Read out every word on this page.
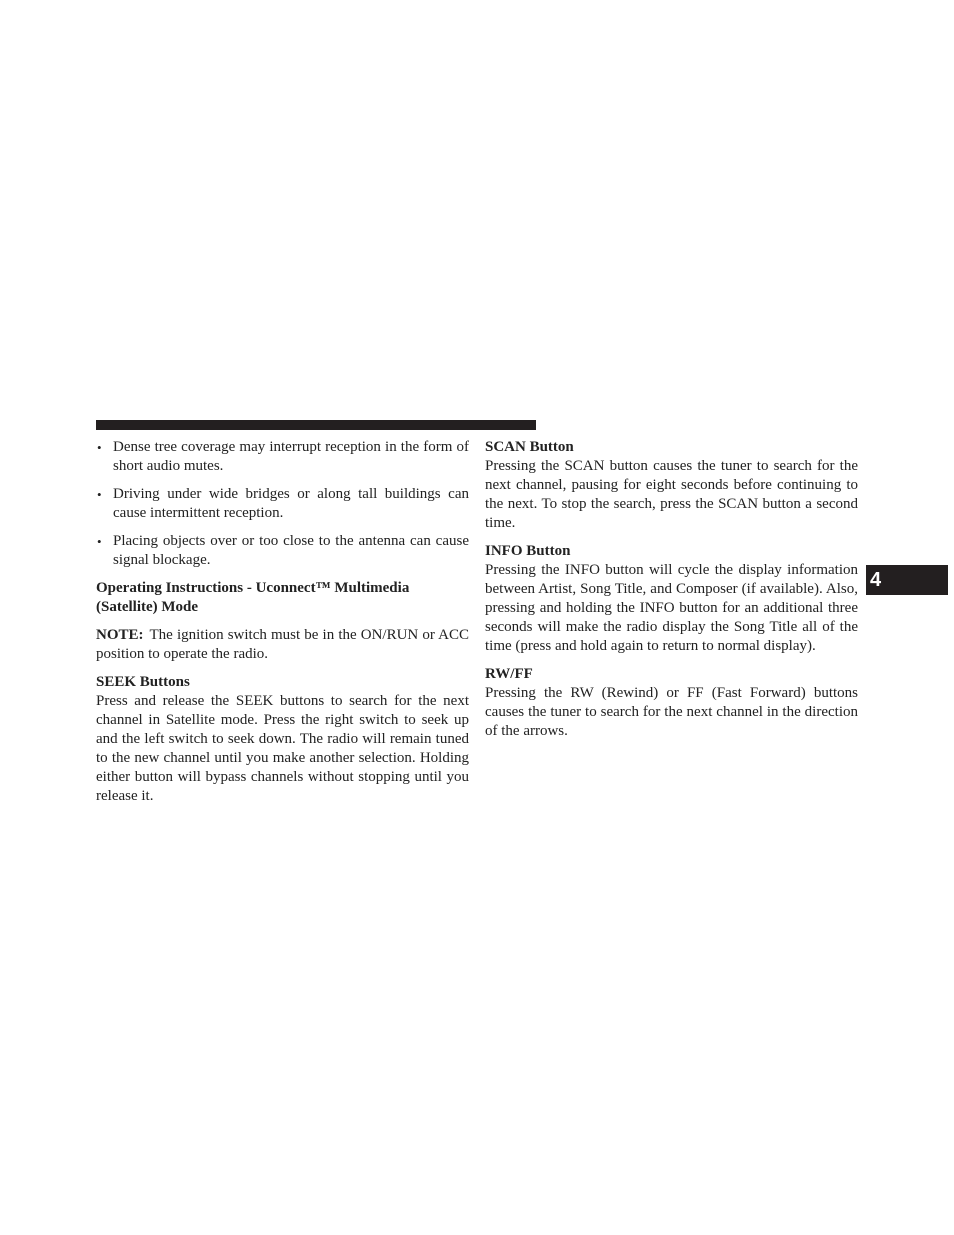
• Dense tree coverage may interrupt reception in the form of short audio mutes.
• Driving under wide bridges or along tall buildings can cause intermittent reception.
• Placing objects over or too close to the antenna can cause signal blockage.

Operating Instructions - Uconnect™ Multimedia (Satellite) Mode

NOTE: The ignition switch must be in the ON/RUN or ACC position to operate the radio.

SEEK Buttons

Press and release the SEEK buttons to search for the next channel in Satellite mode. Press the right switch to seek up and the left switch to seek down. The radio will remain tuned to the new channel until you make another selection. Holding either button will bypass channels without stopping until you release it.

SCAN Button

Pressing the SCAN button causes the tuner to search for the next channel, pausing for eight seconds before continuing to the next. To stop the search, press the SCAN button a second time.

INFO Button

Pressing the INFO button will cycle the display information between Artist, Song Title, and Composer (if available). Also, pressing and holding the INFO button for an additional three seconds will make the radio display the Song Title all of the time (press and hold again to return to normal display).

RW/FF

Pressing the RW (Rewind) or FF (Fast Forward) buttons causes the tuner to search for the next channel in the direction of the arrows.

4
